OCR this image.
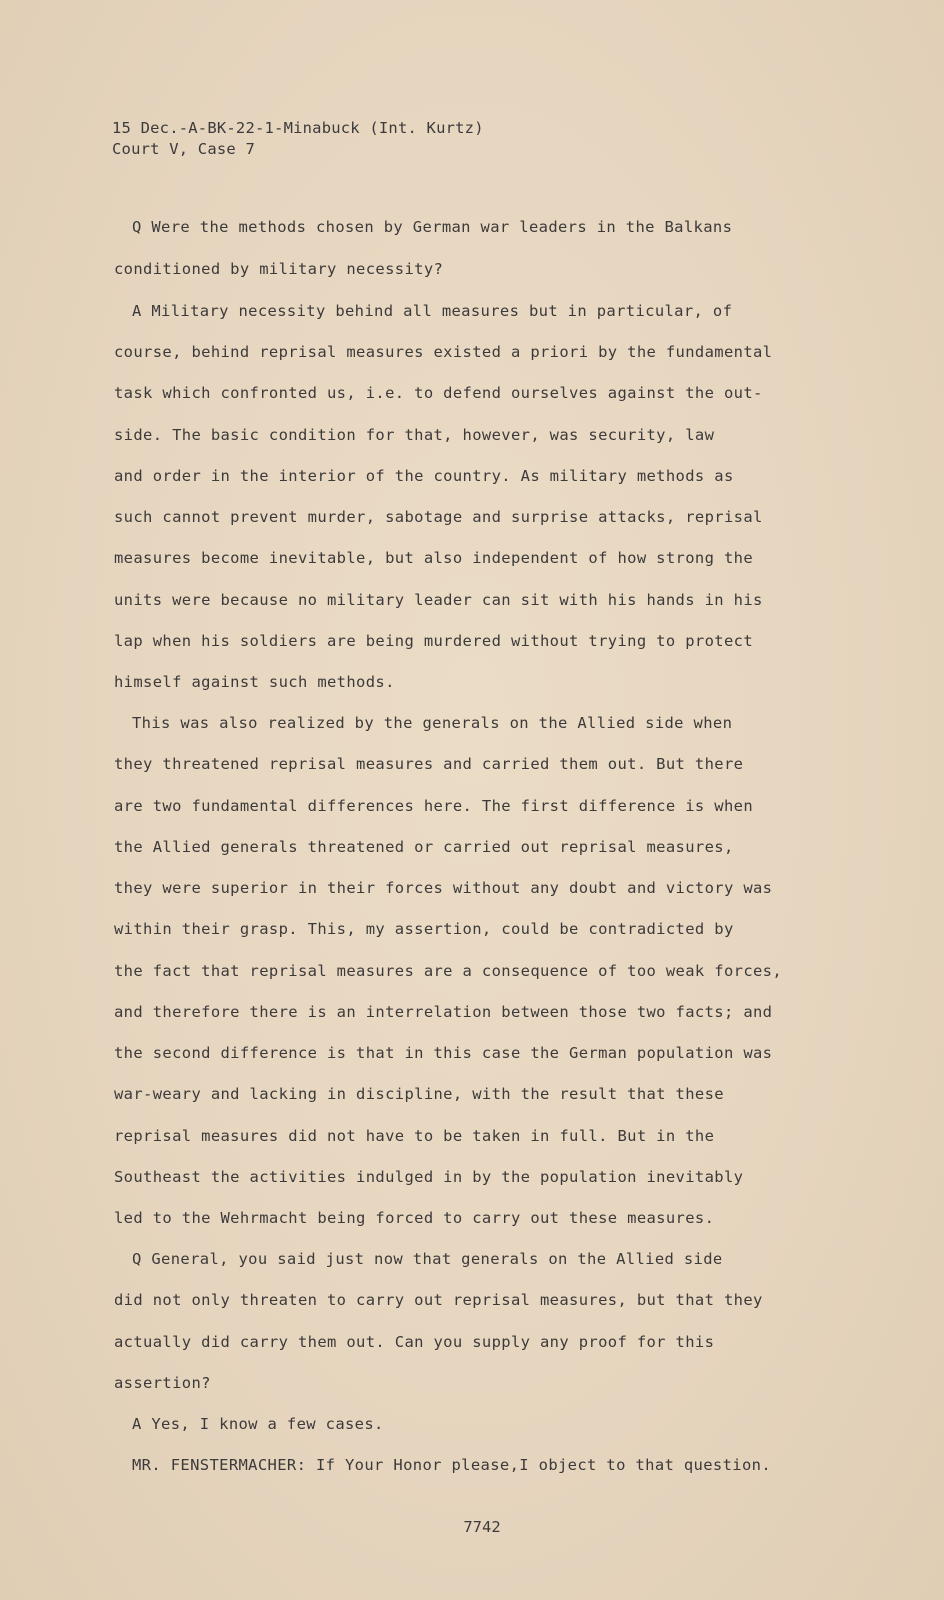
15 Dec.-A-BK-22-1-Minabuck (Int. Kurtz)
Court V, Case 7
Q Were the methods chosen by German war leaders in the Balkans
conditioned by military necessity?
A Military necessity behind all measures but in particular, of
course, behind reprisal measures existed a priori by the fundamental
task which confronted us, i.e. to defend ourselves against the out-
side. The basic condition for that, however, was security, law
and order in the interior of the country. As military methods as
such cannot prevent murder, sabotage and surprise attacks, reprisal
measures become inevitable, but also independent of how strong the
units were because no military leader can sit with his hands in his
lap when his soldiers are being murdered without trying to protect
himself against such methods.
This was also realized by the generals on the Allied side when
they threatened reprisal measures and carried them out. But there
are two fundamental differences here. The first difference is when
the Allied generals threatened or carried out reprisal measures,
they were superior in their forces without any doubt and victory was
within their grasp. This, my assertion, could be contradicted by
the fact that reprisal measures are a consequence of too weak forces,
and therefore there is an interrelation between those two facts; and
the second difference is that in this case the German population was
war-weary and lacking in discipline, with the result that these
reprisal measures did not have to be taken in full. But in the
Southeast the activities indulged in by the population inevitably
led to the Wehrmacht being forced to carry out these measures.
Q General, you said just now that generals on the Allied side
did not only threaten to carry out reprisal measures, but that they
actually did carry them out. Can you supply any proof for this
assertion?
A Yes, I know a few cases.
MR. FENSTERMACHER: If Your Honor please,I object to that question.
7742
